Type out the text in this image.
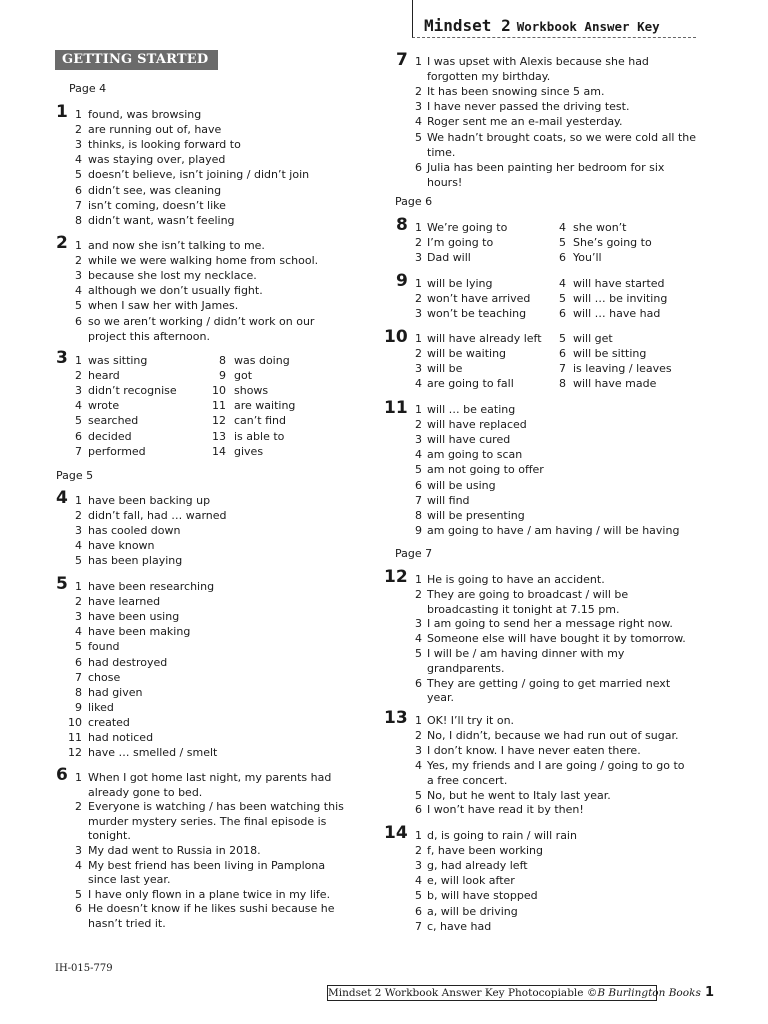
Mindset 2 Workbook Answer Key
GETTING STARTED
Page 4
1 1 found, was browsing
2 are running out of, have
3 thinks, is looking forward to
4 was staying over, played
5 doesn’t believe, isn’t joining / didn’t join
6 didn’t see, was cleaning
7 isn’t coming, doesn’t like
8 didn’t want, wasn’t feeling
2 1 and now she isn’t talking to me.
2 while we were walking home from school.
3 because she lost my necklace.
4 although we don’t usually fight.
5 when I saw her with James.
6 so we aren’t working / didn’t work on our
project this afternoon.
3 1 was sitting
2 heard
3 didn’t recognise
4 wrote
5 searched
6 decided
7 performed
8 was doing
9 got
10 shows
11 are waiting
12 can’t find
13 is able to
14 gives
Page 5
4 1 have been backing up
2 didn’t fall, had … warned
3 has cooled down
4 have known
5 has been playing
5 1 have been researching
2 have learned
3 have been using
4 have been making
5 found
6 had destroyed
7 chose
8 had given
9 liked
10 created
11 had noticed
12 have … smelled / smelt
6 1 When I got home last night, my parents had
already gone to bed.
2 Everyone is watching / has been watching this
murder mystery series. The final episode is
tonight.
3 My dad went to Russia in 2018.
4 My best friend has been living in Pamplona
since last year.
5 I have only flown in a plane twice in my life.
6 He doesn’t know if he likes sushi because he
hasn’t tried it.
7 1 I was upset with Alexis because she had
forgotten my birthday.
2 It has been snowing since 5 am.
3 I have never passed the driving test.
4 Roger sent me an e-mail yesterday.
5 We hadn’t brought coats, so we were cold all the
time.
6 Julia has been painting her bedroom for six
hours!
Page 6
8 1 We’re going to
2 I’m going to
3 Dad will
4 she won’t
5 She’s going to
6 You’ll
9 1 will be lying
2 won’t have arrived
3 won’t be teaching
4 will have started
5 will … be inviting
6 will … have had
10 1 will have already left
2 will be waiting
3 will be
4 are going to fall
5 will get
6 will be sitting
7 is leaving / leaves
8 will have made
11 1 will … be eating
2 will have replaced
3 will have cured
4 am going to scan
5 am not going to offer
6 will be using
7 will find
8 will be presenting
9 am going to have / am having / will be having
Page 7
12 1 He is going to have an accident.
2 They are going to broadcast / will be
broadcasting it tonight at 7.15 pm.
3 I am going to send her a message right now.
4 Someone else will have bought it by tomorrow.
5 I will be / am having dinner with my
grandparents.
6 They are getting / going to get married next
year.
13 1 OK! I’ll try it on.
2 No, I didn’t, because we had run out of sugar.
3 I don’t know. I have never eaten there.
4 Yes, my friends and I are going / going to go to
a free concert.
5 No, but he went to Italy last year.
6 I won’t have read it by then!
14 1 d, is going to rain / will rain
2 f, have been working
3 g, had already left
4 e, will look after
5 b, will have stopped
6 a, will be driving
7 c, have had
IH-015-779
Mindset 2 Workbook Answer Key Photocopiable ©B Burlington Books 1
